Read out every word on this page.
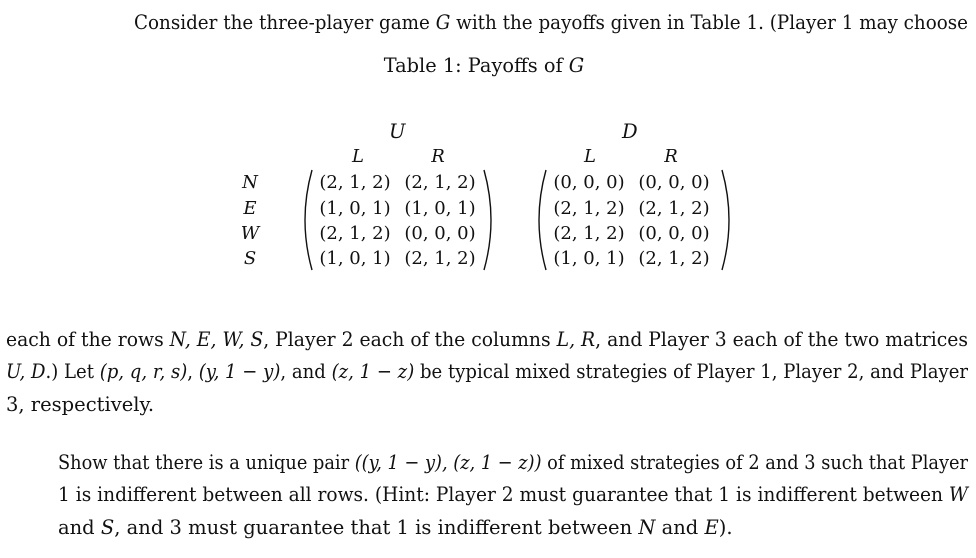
Consider the three-player game G with the payoffs given in Table 1. (Player 1 may choose
Table 1: Payoffs of G
N
E
W
S
U
L	R
(2, 1, 2) (2, 1, 2)
(1, 0, 1) (1, 0, 1)
(2, 1, 2) (0, 0, 0)
(1, 0, 1) (2, 1, 2)
D
L	R
(0, 0, 0) (0, 0, 0)
(2, 1, 2) (2, 1, 2)
(2, 1, 2) (0, 0, 0)
(1, 0, 1) (2, 1, 2)
each of the rows N, E, W, S, Player 2 each of the columns L, R, and Player 3 each of the two matrices
U, D.) Let (p, q, r, s), (y, 1 − y), and (z, 1 − z) be typical mixed strategies of Player 1, Player 2, and Player
3, respectively.
Show that there is a unique pair ((y, 1 − y), (z, 1 − z)) of mixed strategies of 2 and 3 such that Player
1 is indifferent between all rows. (Hint: Player 2 must guarantee that 1 is indifferent between W
and S, and 3 must guarantee that 1 is indifferent between N and E).
